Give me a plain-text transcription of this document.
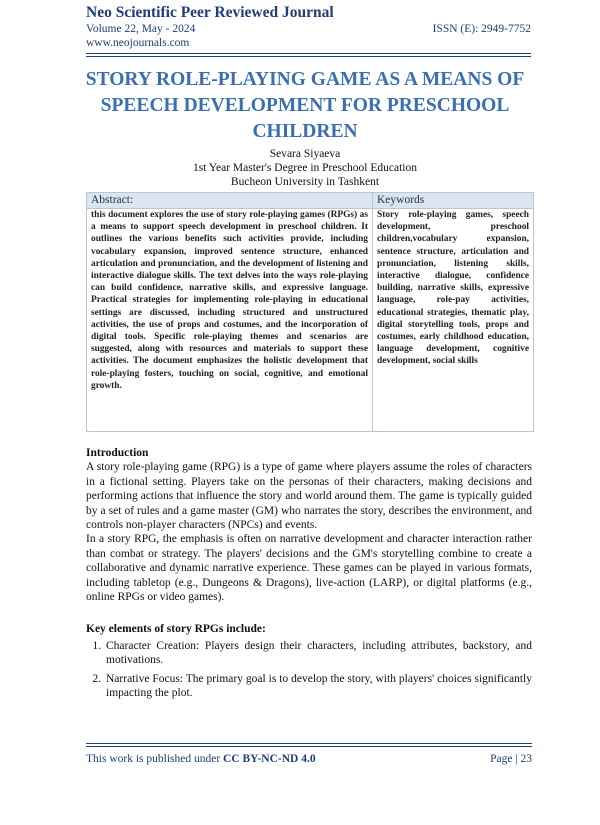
Neo Scientific Peer Reviewed Journal
Volume 22, May - 2024	ISSN (E): 2949-7752
www.neojournals.com
STORY ROLE-PLAYING GAME AS A MEANS OF SPEECH DEVELOPMENT FOR PRESCHOOL CHILDREN
Sevara Siyaeva
1st Year Master's Degree in Preschool Education
Bucheon University in Tashkent
Abstract:
this document explores the use of story role-playing games (RPGs) as a means to support speech development in preschool children. It outlines the various benefits such activities provide, including vocabulary expansion, improved sentence structure, enhanced articulation and pronunciation, and the development of listening and interactive dialogue skills. The text delves into the ways role-playing can build confidence, narrative skills, and expressive language. Practical strategies for implementing role-playing in educational settings are discussed, including structured and unstructured activities, the use of props and costumes, and the incorporation of digital tools. Specific role-playing themes and scenarios are suggested, along with resources and materials to support these activities. The document emphasizes the holistic development that role-playing fosters, touching on social, cognitive, and emotional growth.
Keywords
Story role-playing games, speech development, preschool children,vocabulary expansion, sentence structure, articulation and pronunciation, listening skills, interactive dialogue, confidence building, narrative skills, expressive language, role-pay activities, educational strategies, thematic play, digital storytelling tools, props and costumes, early childhood education, language development, cognitive development, social skills

Introduction

A story role-playing game (RPG) is a type of game where players assume the roles of characters in a fictional setting. Players take on the personas of their characters, making decisions and performing actions that influence the story and world around them. The game is typically guided by a set of rules and a game master (GM) who narrates the story, describes the environment, and controls non-player characters (NPCs) and events.

In a story RPG, the emphasis is often on narrative development and character interaction rather than combat or strategy. The players' decisions and the GM's storytelling combine to create a collaborative and dynamic narrative experience. These games can be played in various formats, including tabletop (e.g., Dungeons & Dragons), live-action (LARP), or digital platforms (e.g., online RPGs or video games).

Key elements of story RPGs include:

1. Character Creation: Players design their characters, including attributes, backstory, and motivations.
2. Narrative Focus: The primary goal is to develop the story, with players' choices significantly impacting the plot.
This work is published under CC BY-NC-ND 4.0	Page | 23
